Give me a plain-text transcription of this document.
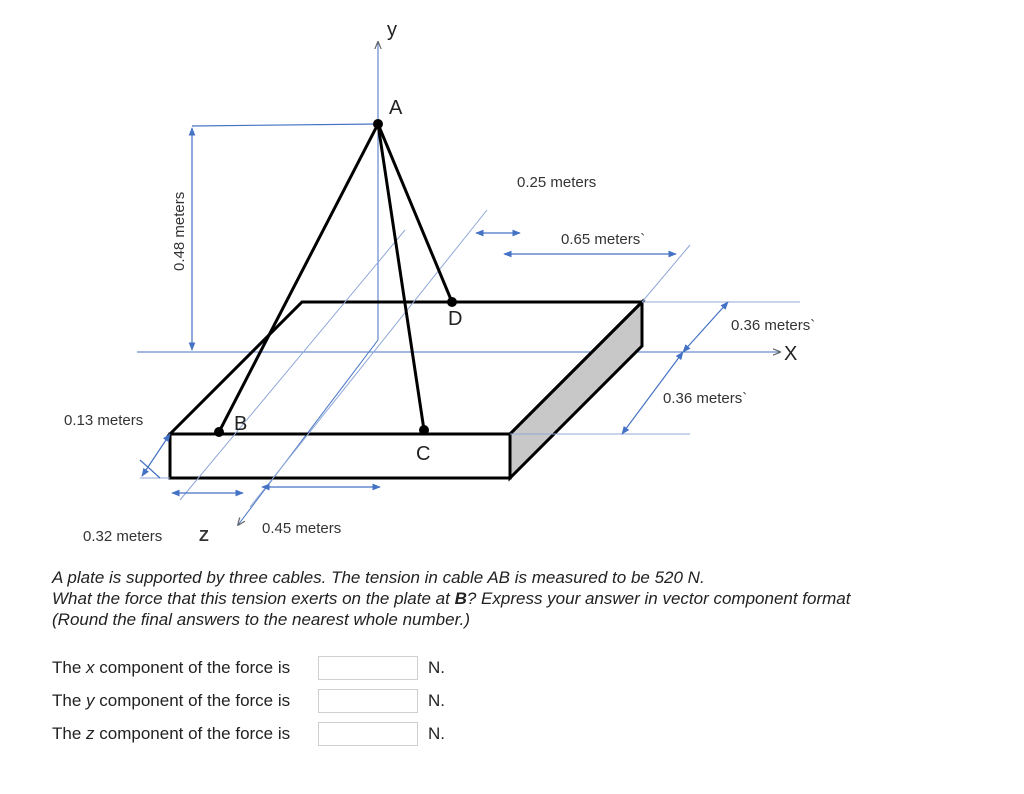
A
B
C
D
y
X
Z
0.48 meters
0.25 meters
0.65 meters`
0.36 meters`
0.36 meters`
0.13 meters
0.32 meters	0.45 meters

A plate is supported by three cables. The tension in cable AB is measured to be 520 N.

What the force that this tension exerts on the plate at B? Express your answer in vector component format

(Round the final answers to the nearest whole number.)

The x component of the force is	N.
The y component of the force is	N.
The z component of the force is	N.
